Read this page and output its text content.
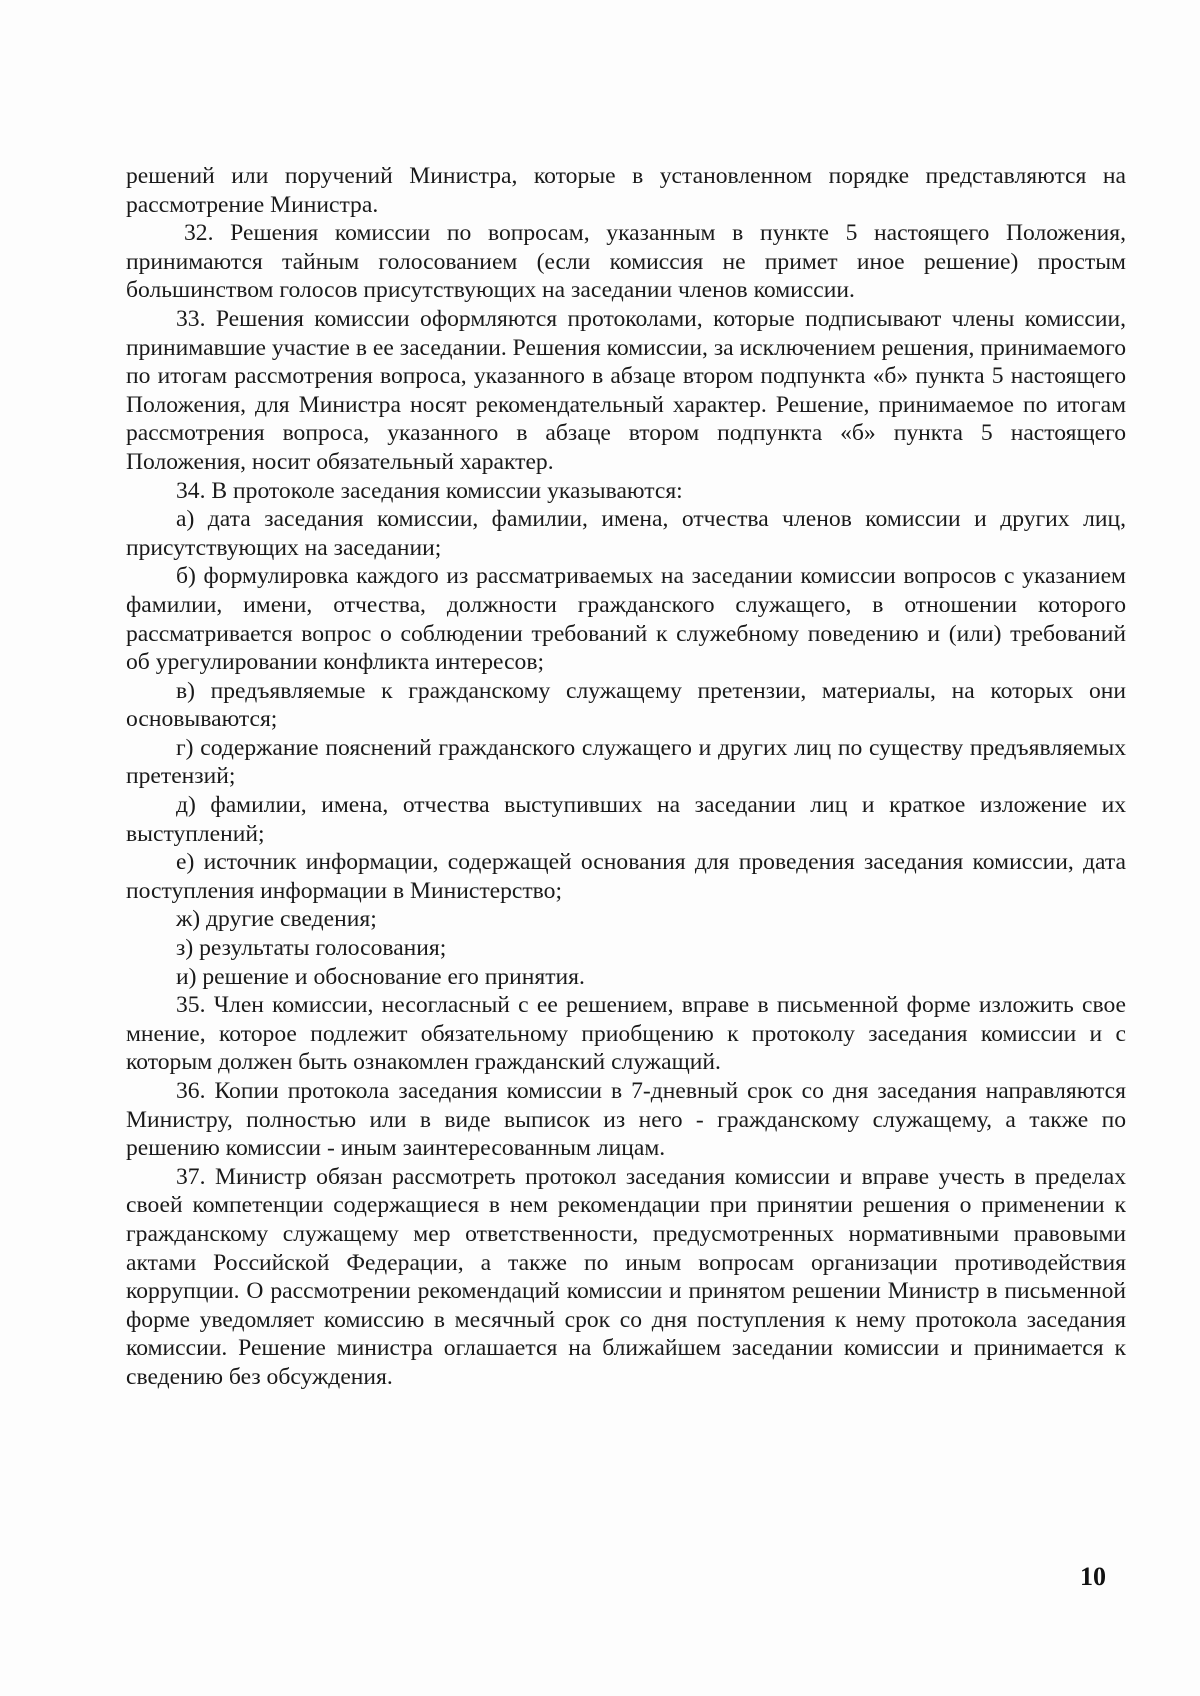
решений или поручений Министра, которые в установленном порядке представляются на рассмотрение Министра.

32. Решения комиссии по вопросам, указанным в пункте 5 настоящего Положения, принимаются тайным голосованием (если комиссия не примет иное решение) простым большинством голосов присутствующих на заседании членов комиссии.

33. Решения комиссии оформляются протоколами, которые подписывают члены комиссии, принимавшие участие в ее заседании. Решения комиссии, за исключением решения, принимаемого по итогам рассмотрения вопроса, указанного в абзаце втором подпункта «б» пункта 5 настоящего Положения, для Министра носят рекомендательный характер. Решение, принимаемое по итогам рассмотрения вопроса, указанного в абзаце втором подпункта «б» пункта 5 настоящего Положения, носит обязательный характер.

34. В протоколе заседания комиссии указываются:

а) дата заседания комиссии, фамилии, имена, отчества членов комиссии и других лиц, присутствующих на заседании;

б) формулировка каждого из рассматриваемых на заседании комиссии вопросов с указанием фамилии, имени, отчества, должности гражданского служащего, в отношении которого рассматривается вопрос о соблюдении требований к служебному поведению и (или) требований об урегулировании конфликта интересов;

в) предъявляемые к гражданскому служащему претензии, материалы, на которых они основываются;

г) содержание пояснений гражданского служащего и других лиц по существу предъявляемых претензий;

д) фамилии, имена, отчества выступивших на заседании лиц и краткое изложение их выступлений;

е) источник информации, содержащей основания для проведения заседания комиссии, дата поступления информации в Министерство;

ж) другие сведения;

з) результаты голосования;

и) решение и обоснование его принятия.

35. Член комиссии, несогласный с ее решением, вправе в письменной форме изложить свое мнение, которое подлежит обязательному приобщению к протоколу заседания комиссии и с которым должен быть ознакомлен гражданский служащий.

36. Копии протокола заседания комиссии в 7-дневный срок со дня заседания направляются Министру, полностью или в виде выписок из него - гражданскому служащему, а также по решению комиссии - иным заинтересованным лицам.

37. Министр обязан рассмотреть протокол заседания комиссии и вправе учесть в пределах своей компетенции содержащиеся в нем рекомендации при принятии решения о применении к гражданскому служащему мер ответственности, предусмотренных нормативными правовыми актами Российской Федерации, а также по иным вопросам организации противодействия коррупции. О рассмотрении рекомендаций комиссии и принятом решении Министр в письменной форме уведомляет комиссию в месячный срок со дня поступления к нему протокола заседания комиссии. Решение министра оглашается на ближайшем заседании комиссии и принимается к сведению без обсуждения.

10
